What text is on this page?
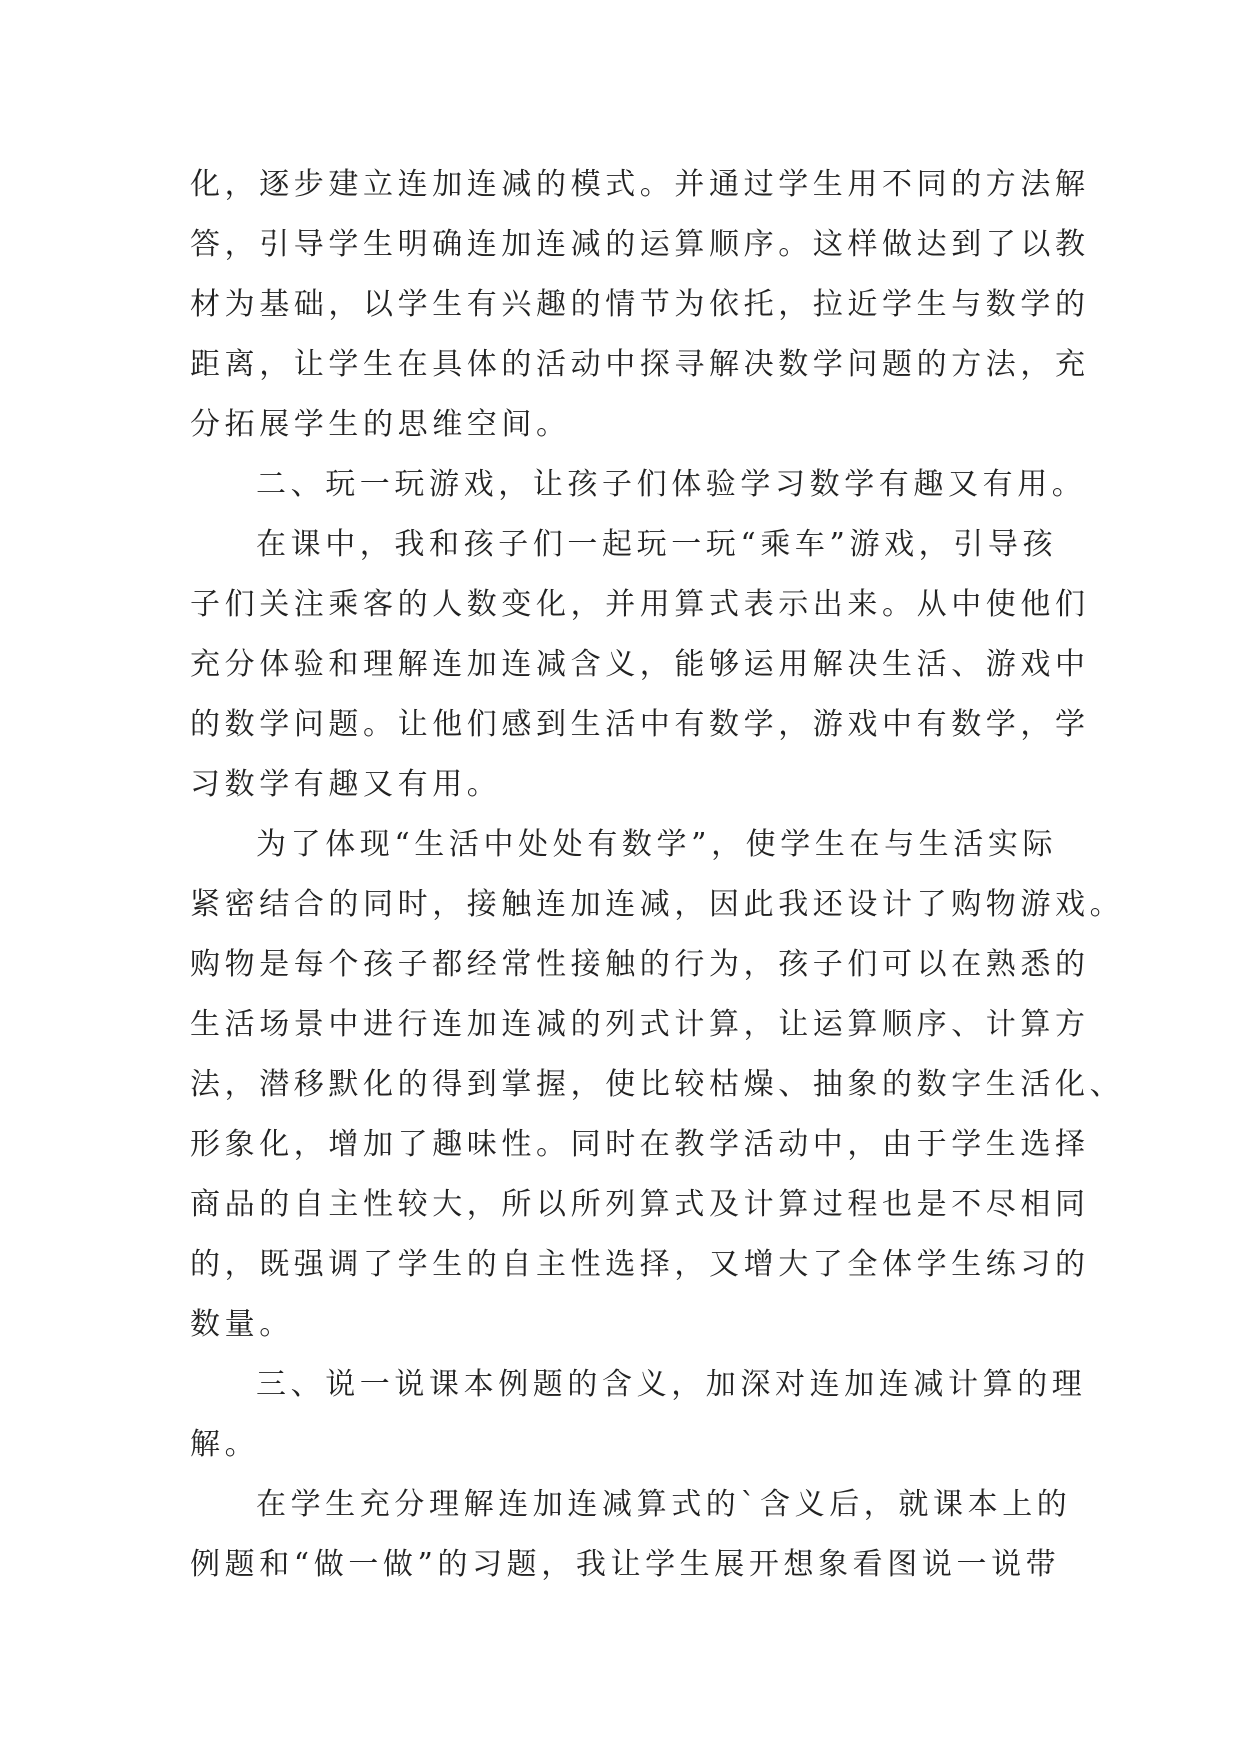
化，逐步建立连加连减的模式。并通过学生用不同的方法解
答，引导学生明确连加连减的运算顺序。这样做达到了以教
材为基础，以学生有兴趣的情节为依托，拉近学生与数学的
距离，让学生在具体的活动中探寻解决数学问题的方法，充
分拓展学生的思维空间。
二、玩一玩游戏，让孩子们体验学习数学有趣又有用。
在课中，我和孩子们一起玩一玩“乘车”游戏，引导孩
子们关注乘客的人数变化，并用算式表示出来。从中使他们
充分体验和理解连加连减含义，能够运用解决生活、游戏中
的数学问题。让他们感到生活中有数学，游戏中有数学，学
习数学有趣又有用。
为了体现“生活中处处有数学”，使学生在与生活实际
紧密结合的同时，接触连加连减，因此我还设计了购物游戏。
购物是每个孩子都经常性接触的行为，孩子们可以在熟悉的
生活场景中进行连加连减的列式计算，让运算顺序、计算方
法，潜移默化的得到掌握，使比较枯燥、抽象的数字生活化、
形象化，增加了趣味性。同时在教学活动中，由于学生选择
商品的自主性较大，所以所列算式及计算过程也是不尽相同
的，既强调了学生的自主性选择，又增大了全体学生练习的
数量。
三、说一说课本例题的含义，加深对连加连减计算的理
解。
在学生充分理解连加连减算式的`含义后，就课本上的
例题和“做一做”的习题，我让学生展开想象看图说一说带
